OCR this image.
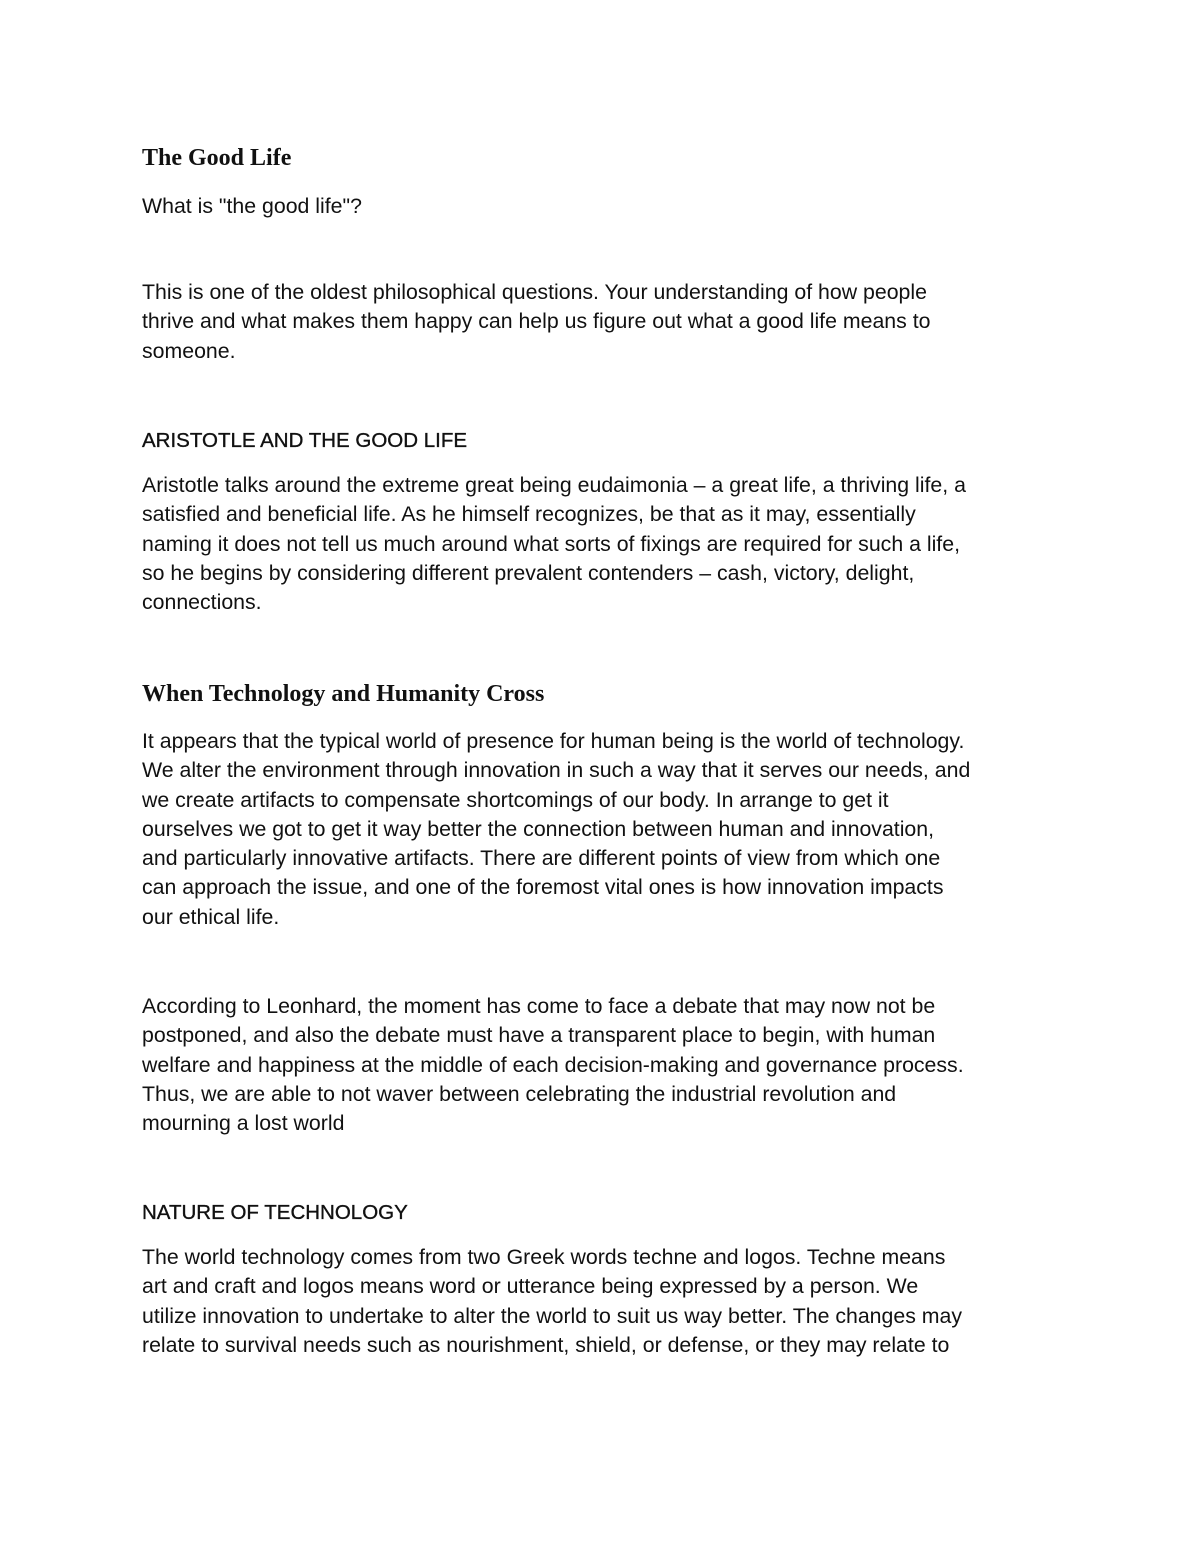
The Good Life

What is "the good life"?

This is one of the oldest philosophical questions. Your understanding of how people
thrive and what makes them happy can help us figure out what a good life means to
someone.

ARISTOTLE AND THE GOOD LIFE

Aristotle talks around the extreme great being eudaimonia – a great life, a thriving life, a
satisfied and beneficial life. As he himself recognizes, be that as it may, essentially
naming it does not tell us much around what sorts of fixings are required for such a life,
so he begins by considering different prevalent contenders – cash, victory, delight,
connections.

When Technology and Humanity Cross

It appears that the typical world of presence for human being is the world of technology.
We alter the environment through innovation in such a way that it serves our needs, and
we create artifacts to compensate shortcomings of our body. In arrange to get it
ourselves we got to get it way better the connection between human and innovation,
and particularly innovative artifacts. There are different points of view from which one
can approach the issue, and one of the foremost vital ones is how innovation impacts
our ethical life.

According to Leonhard, the moment has come to face a debate that may now not be
postponed, and also the debate must have a transparent place to begin, with human
welfare and happiness at the middle of each decision-making and governance process.
Thus, we are able to not waver between celebrating the industrial revolution and
mourning a lost world

NATURE OF TECHNOLOGY

The world technology comes from two Greek words techne and logos. Techne means
art and craft and logos means word or utterance being expressed by a person. We
utilize innovation to undertake to alter the world to suit us way better. The changes may
relate to survival needs such as nourishment, shield, or defense, or they may relate to
